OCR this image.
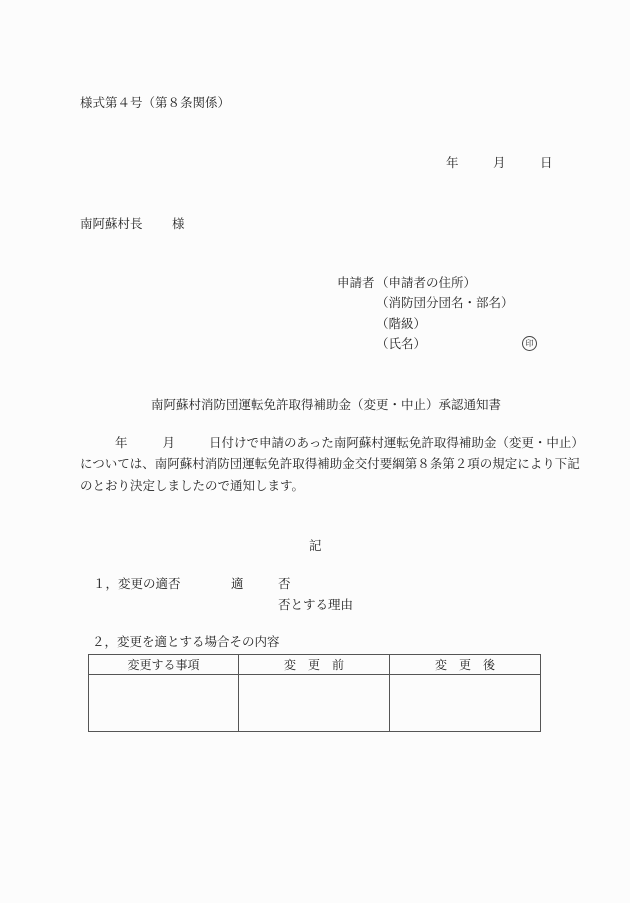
様式第４号（第８条関係）
年	月	日
南阿蘇村長 様
申請者 （申請者の住所）
（消防団分団名・部名）
（階級）
（氏名）	印
南阿蘇村消防団運転免許取得補助金（変更・中止）承認通知書
年	月	日付けで申請のあった南阿蘇村運転免許取得補助金（変更・中止）
については、南阿蘇村消防団運転免許取得補助金交付要綱第８条第２項の規定により下記
のとおり決定しましたので通知します。
記
１，変更の適否	適	否
否とする理由
２，変更を適とする場合その内容
変更する事項	変　更　前	変　更　後
